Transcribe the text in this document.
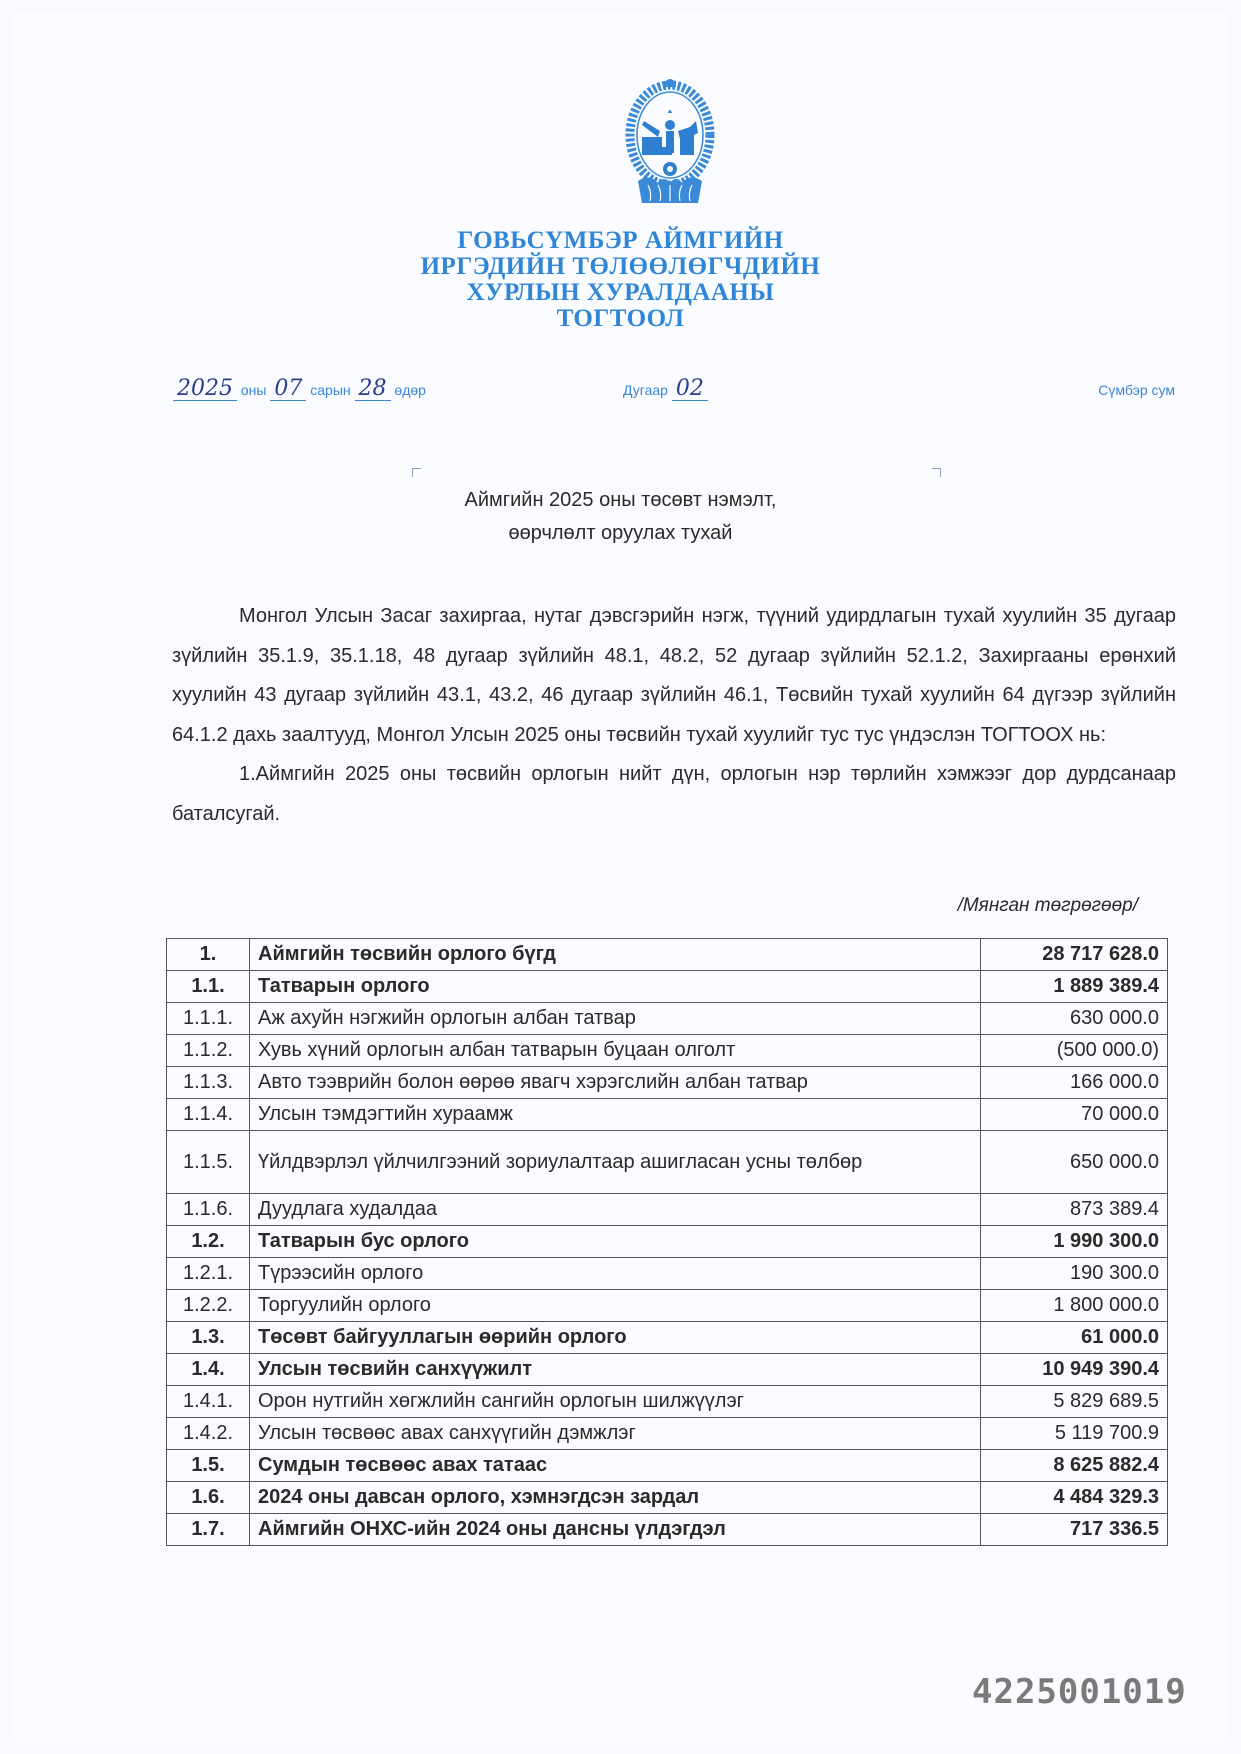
ГОВЬСҮМБЭР АЙМГИЙН
ИРГЭДИЙН ТӨЛӨӨЛӨГЧДИЙН
ХУРЛЫН ХУРАЛДААНЫ
ТОГТООЛ
2025 оны 07 сарын 28 өдөр	Дугаар 02	Сүмбэр сум
Аймгийн 2025 оны төсөвт нэмэлт,
өөрчлөлт оруулах тухай

Монгол Улсын Засаг захиргаа, нутаг дэвсгэрийн нэгж, түүний удирдлагын тухай хуулийн 35 дугаар зүйлийн 35.1.9, 35.1.18, 48 дугаар зүйлийн 48.1, 48.2, 52 дугаар зүйлийн 52.1.2, Захиргааны ерөнхий хуулийн 43 дугаар зүйлийн 43.1, 43.2, 46 дугаар зүйлийн 46.1, Төсвийн тухай хуулийн 64 дүгээр зүйлийн 64.1.2 дахь заалтууд, Монгол Улсын 2025 оны төсвийн тухай хуулийг тус тус үндэслэн ТОГТООХ нь:

1.Аймгийн 2025 оны төсвийн орлогын нийт дүн, орлогын нэр төрлийн хэмжээг дор дурдсанаар баталсугай.

/Мянган төгрөгөөр/
1.	Аймгийн төсвийн орлого бүгд	28 717 628.0
1.1.	Татварын орлого	1 889 389.4
1.1.1.	Аж ахуйн нэгжийн орлогын албан татвар	630 000.0
1.1.2.	Хувь хүний орлогын албан татварын буцаан олголт	(500 000.0)
1.1.3.	Авто тээврийн болон өөрөө явагч хэрэгслийн албан татвар	166 000.0
1.1.4.	Улсын тэмдэгтийн хураамж	70 000.0
1.1.5.	Үйлдвэрлэл үйлчилгээний зориулалтаар ашигласан усны төлбөр	650 000.0
1.1.6.	Дуудлага худалдаа	873 389.4
1.2.	Татварын бус орлого	1 990 300.0
1.2.1.	Түрээсийн орлого	190 300.0
1.2.2.	Торгуулийн орлого	1 800 000.0
1.3.	Төсөвт байгууллагын өөрийн орлого	61 000.0
1.4.	Улсын төсвийн санхүүжилт	10 949 390.4
1.4.1.	Орон нутгийн хөгжлийн сангийн орлогын шилжүүлэг	5 829 689.5
1.4.2.	Улсын төсвөөс авах санхүүгийн дэмжлэг	5 119 700.9
1.5.	Сумдын төсвөөс авах татаас	8 625 882.4
1.6.	2024 оны давсан орлого, хэмнэгдсэн зардал	4 484 329.3
1.7.	Аймгийн ОНХС-ийн 2024 оны дансны үлдэгдэл	717 336.5
4225001019
